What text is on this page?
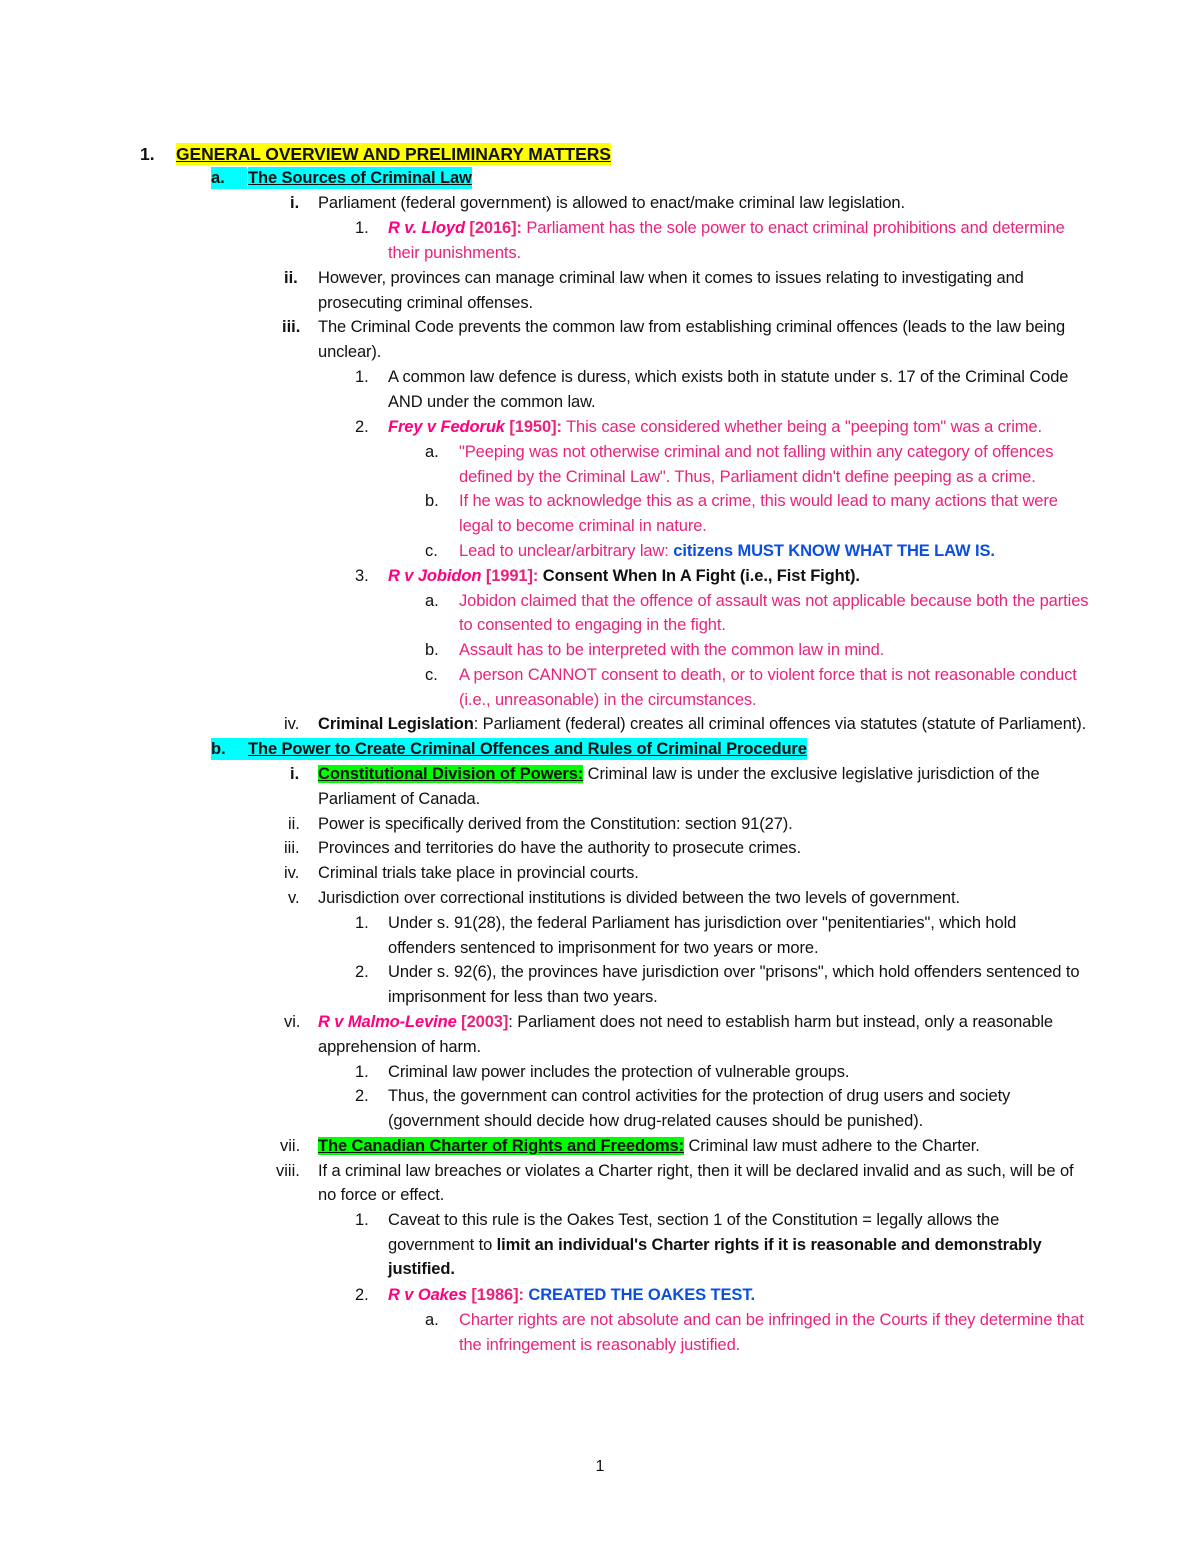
1. GENERAL OVERVIEW AND PRELIMINARY MATTERS
a.	The Sources of Criminal Law
i. Parliament (federal government) is allowed to enact/make criminal law legislation.
1. R v. Lloyd [2016]: Parliament has the sole power to enact criminal prohibitions and determine
their punishments.
ii. However, provinces can manage criminal law when it comes to issues relating to investigating and
prosecuting criminal offenses.
iii. The Criminal Code prevents the common law from establishing criminal offences (leads to the law being
unclear).
1. A common law defence is duress, which exists both in statute under s. 17 of the Criminal Code
AND under the common law.
2. Frey v Fedoruk [1950]: This case considered whether being a "peeping tom" was a crime.
a. "Peeping was not otherwise criminal and not falling within any category of offences
defined by the Criminal Law". Thus, Parliament didn't define peeping as a crime.
b. If he was to acknowledge this as a crime, this would lead to many actions that were
legal to become criminal in nature.
c. Lead to unclear/arbitrary law: citizens MUST KNOW WHAT THE LAW IS.
3. R v Jobidon [1991]: Consent When In A Fight (i.e., Fist Fight).
a. Jobidon claimed that the offence of assault was not applicable because both the parties
to consented to engaging in the fight.
b. Assault has to be interpreted with the common law in mind.
c. A person CANNOT consent to death, or to violent force that is not reasonable conduct
(i.e., unreasonable) in the circumstances.
iv. Criminal Legislation: Parliament (federal) creates all criminal offences via statutes (statute of Parliament).
b.	The Power to Create Criminal Offences and Rules of Criminal Procedure
i. Constitutional Division of Powers: Criminal law is under the exclusive legislative jurisdiction of the
Parliament of Canada.
ii. Power is specifically derived from the Constitution: section 91(27).
iii. Provinces and territories do have the authority to prosecute crimes.
iv. Criminal trials take place in provincial courts.
v. Jurisdiction over correctional institutions is divided between the two levels of government.
1. Under s. 91(28), the federal Parliament has jurisdiction over "penitentiaries", which hold
offenders sentenced to imprisonment for two years or more.
2. Under s. 92(6), the provinces have jurisdiction over "prisons", which hold offenders sentenced to
imprisonment for less than two years.
vi. R v Malmo-Levine [2003]: Parliament does not need to establish harm but instead, only a reasonable
apprehension of harm.
1. Criminal law power includes the protection of vulnerable groups.
2. Thus, the government can control activities for the protection of drug users and society
(government should decide how drug-related causes should be punished).
vii. The Canadian Charter of Rights and Freedoms: Criminal law must adhere to the Charter.
viii. If a criminal law breaches or violates a Charter right, then it will be declared invalid and as such, will be of
no force or effect.
1. Caveat to this rule is the Oakes Test, section 1 of the Constitution = legally allows the
government to limit an individual's Charter rights if it is reasonable and demonstrably
justified.
2. R v Oakes [1986]: CREATED THE OAKES TEST.
a. Charter rights are not absolute and can be infringed in the Courts if they determine that
the infringement is reasonably justified.
1
